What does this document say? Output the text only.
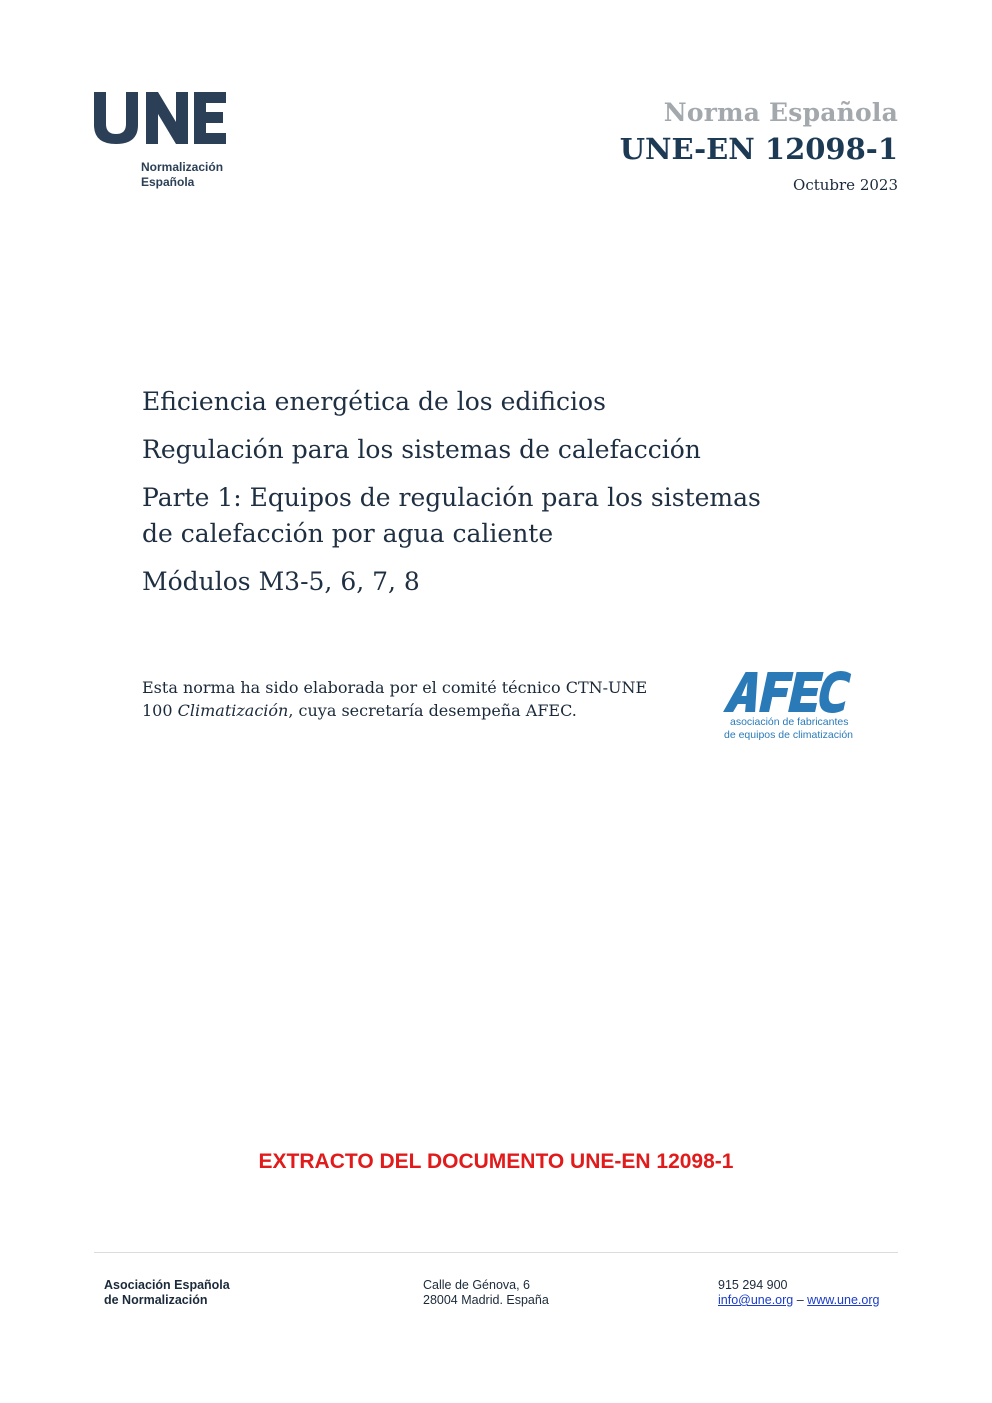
Normalización
Española
Norma Española
UNE-EN 12098-1
Octubre 2023
Eficiencia energética de los edificios
Regulación para los sistemas de calefacción
Parte 1: Equipos de regulación para los sistemas de calefacción por agua caliente
Módulos M3-5, 6, 7, 8
Esta norma ha sido elaborada por el comité técnico CTN-UNE 100 Climatización, cuya secretaría desempeña AFEC.
asociación de fabricantes
de equipos de climatización
EXTRACTO DEL DOCUMENTO UNE-EN 12098-1
Asociación Española
de Normalización
Calle de Génova, 6
28004 Madrid. España
915 294 900
info@une.org – www.une.org
